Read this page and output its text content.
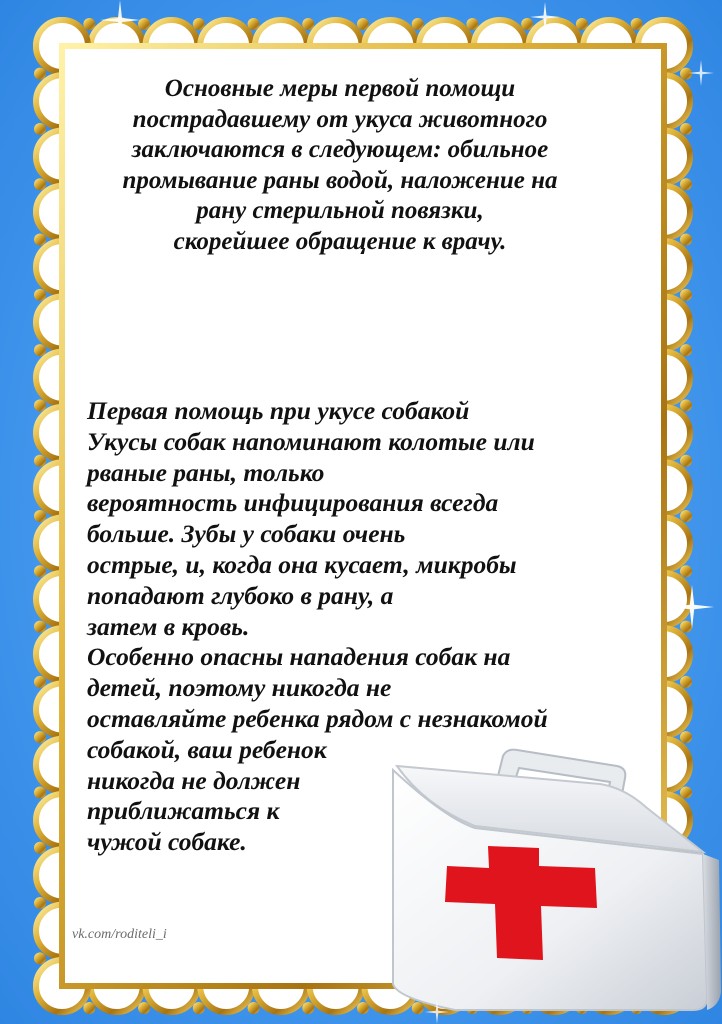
Основные меры первой помощи
пострадавшему от укуса животного
заключаются в следующем: обильное
промывание раны водой, наложение на
рану стерильной повязки,
скорейшее обращение к врачу.

Первая помощь при укусе собакой
Укусы собак напоминают колотые или
рваные раны, только
вероятность инфицирования всегда
больше. Зубы у собаки очень
острые, и, когда она кусает, микробы
попадают глубоко в рану, а
затем в кровь.
Особенно опасны нападения собак на
детей, поэтому никогда не
оставляйте ребенка рядом с незнакомой
собакой, ваш ребенок
никогда не должен
приближаться к
чужой собаке.

vk.com/roditeli_i
